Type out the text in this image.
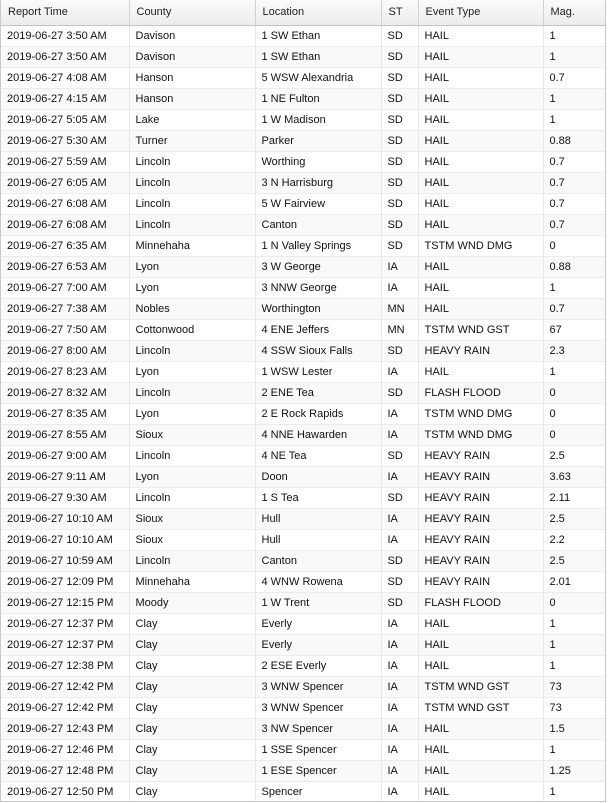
Report Time	County	Location	ST	Event Type	Mag.
2019-06-27 3:50 AM	Davison	1 SW Ethan	SD	HAIL	1
2019-06-27 3:50 AM	Davison	1 SW Ethan	SD	HAIL	1
2019-06-27 4:08 AM	Hanson	5 WSW Alexandria	SD	HAIL	0.7
2019-06-27 4:15 AM	Hanson	1 NE Fulton	SD	HAIL	1
2019-06-27 5:05 AM	Lake	1 W Madison	SD	HAIL	1
2019-06-27 5:30 AM	Turner	Parker	SD	HAIL	0.88
2019-06-27 5:59 AM	Lincoln	Worthing	SD	HAIL	0.7
2019-06-27 6:05 AM	Lincoln	3 N Harrisburg	SD	HAIL	0.7
2019-06-27 6:08 AM	Lincoln	5 W Fairview	SD	HAIL	0.7
2019-06-27 6:08 AM	Lincoln	Canton	SD	HAIL	0.7
2019-06-27 6:35 AM	Minnehaha	1 N Valley Springs	SD	TSTM WND DMG	0
2019-06-27 6:53 AM	Lyon	3 W George	IA	HAIL	0.88
2019-06-27 7:00 AM	Lyon	3 NNW George	IA	HAIL	1
2019-06-27 7:38 AM	Nobles	Worthington	MN	HAIL	0.7
2019-06-27 7:50 AM	Cottonwood	4 ENE Jeffers	MN	TSTM WND GST	67
2019-06-27 8:00 AM	Lincoln	4 SSW Sioux Falls	SD	HEAVY RAIN	2.3
2019-06-27 8:23 AM	Lyon	1 WSW Lester	IA	HAIL	1
2019-06-27 8:32 AM	Lincoln	2 ENE Tea	SD	FLASH FLOOD	0
2019-06-27 8:35 AM	Lyon	2 E Rock Rapids	IA	TSTM WND DMG	0
2019-06-27 8:55 AM	Sioux	4 NNE Hawarden	IA	TSTM WND DMG	0
2019-06-27 9:00 AM	Lincoln	4 NE Tea	SD	HEAVY RAIN	2.5
2019-06-27 9:11 AM	Lyon	Doon	IA	HEAVY RAIN	3.63
2019-06-27 9:30 AM	Lincoln	1 S Tea	SD	HEAVY RAIN	2.11
2019-06-27 10:10 AM	Sioux	Hull	IA	HEAVY RAIN	2.5
2019-06-27 10:10 AM	Sioux	Hull	IA	HEAVY RAIN	2.2
2019-06-27 10:59 AM	Lincoln	Canton	SD	HEAVY RAIN	2.5
2019-06-27 12:09 PM	Minnehaha	4 WNW Rowena	SD	HEAVY RAIN	2.01
2019-06-27 12:15 PM	Moody	1 W Trent	SD	FLASH FLOOD	0
2019-06-27 12:37 PM	Clay	Everly	IA	HAIL	1
2019-06-27 12:37 PM	Clay	Everly	IA	HAIL	1
2019-06-27 12:38 PM	Clay	2 ESE Everly	IA	HAIL	1
2019-06-27 12:42 PM	Clay	3 WNW Spencer	IA	TSTM WND GST	73
2019-06-27 12:42 PM	Clay	3 WNW Spencer	IA	TSTM WND GST	73
2019-06-27 12:43 PM	Clay	3 NW Spencer	IA	HAIL	1.5
2019-06-27 12:46 PM	Clay	1 SSE Spencer	IA	HAIL	1
2019-06-27 12:48 PM	Clay	1 ESE Spencer	IA	HAIL	1.25
2019-06-27 12:50 PM	Clay	Spencer	IA	HAIL	1
